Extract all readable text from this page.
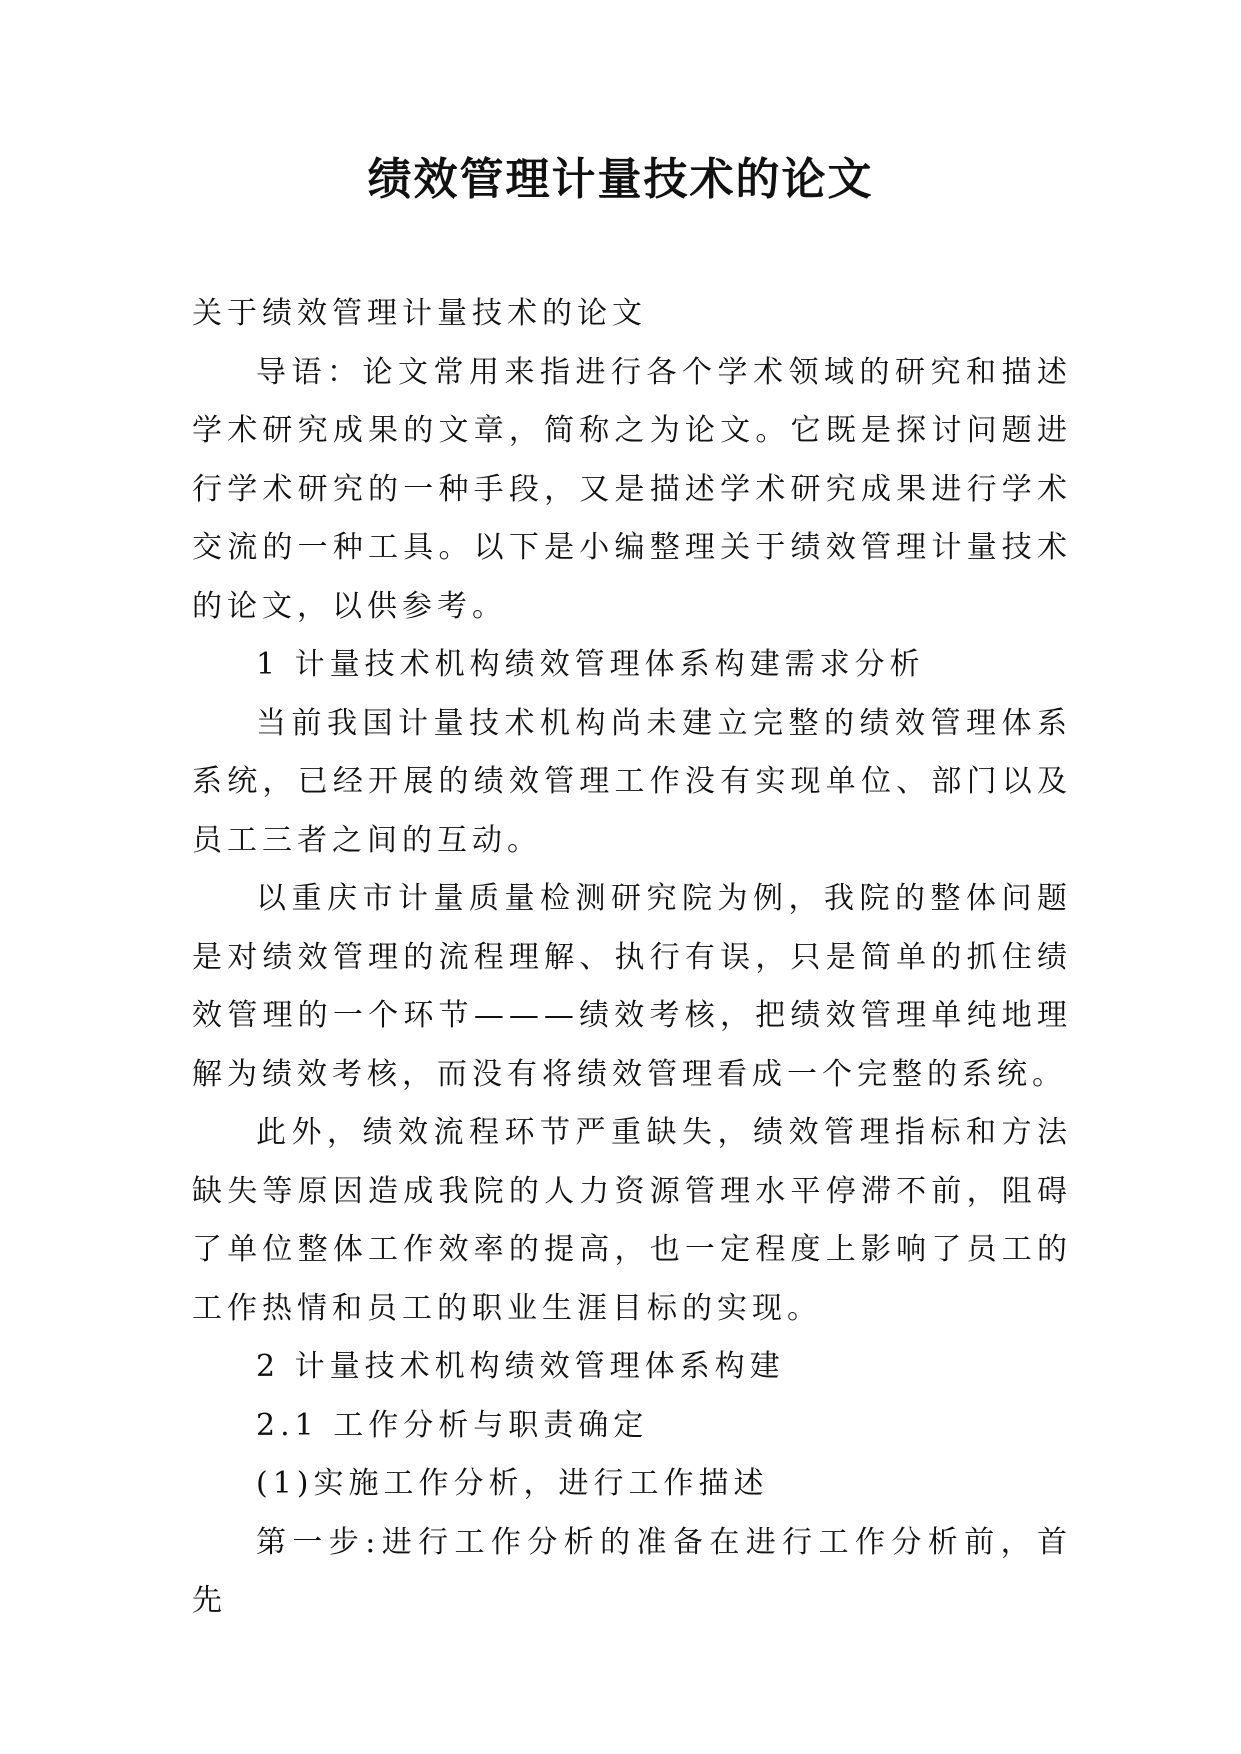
绩效管理计量技术的论文

关于绩效管理计量技术的论文

导语：论文常用来指进行各个学术领域的研究和描述学术研究成果的文章，简称之为论文。它既是探讨问题进行学术研究的一种手段，又是描述学术研究成果进行学术交流的一种工具。以下是小编整理关于绩效管理计量技术的论文，以供参考。

1 计量技术机构绩效管理体系构建需求分析

当前我国计量技术机构尚未建立完整的绩效管理体系系统，已经开展的绩效管理工作没有实现单位、部门以及员工三者之间的互动。

以重庆市计量质量检测研究院为例，我院的整体问题是对绩效管理的流程理解、执行有误，只是简单的抓住绩效管理的一个环节———绩效考核，把绩效管理单纯地理解为绩效考核，而没有将绩效管理看成一个完整的系统。

此外，绩效流程环节严重缺失，绩效管理指标和方法缺失等原因造成我院的人力资源管理水平停滞不前，阻碍了单位整体工作效率的提高，也一定程度上影响了员工的工作热情和员工的职业生涯目标的实现。

2 计量技术机构绩效管理体系构建

2.1 工作分析与职责确定

(1)实施工作分析，进行工作描述

第一步:进行工作分析的准备在进行工作分析前，首先
